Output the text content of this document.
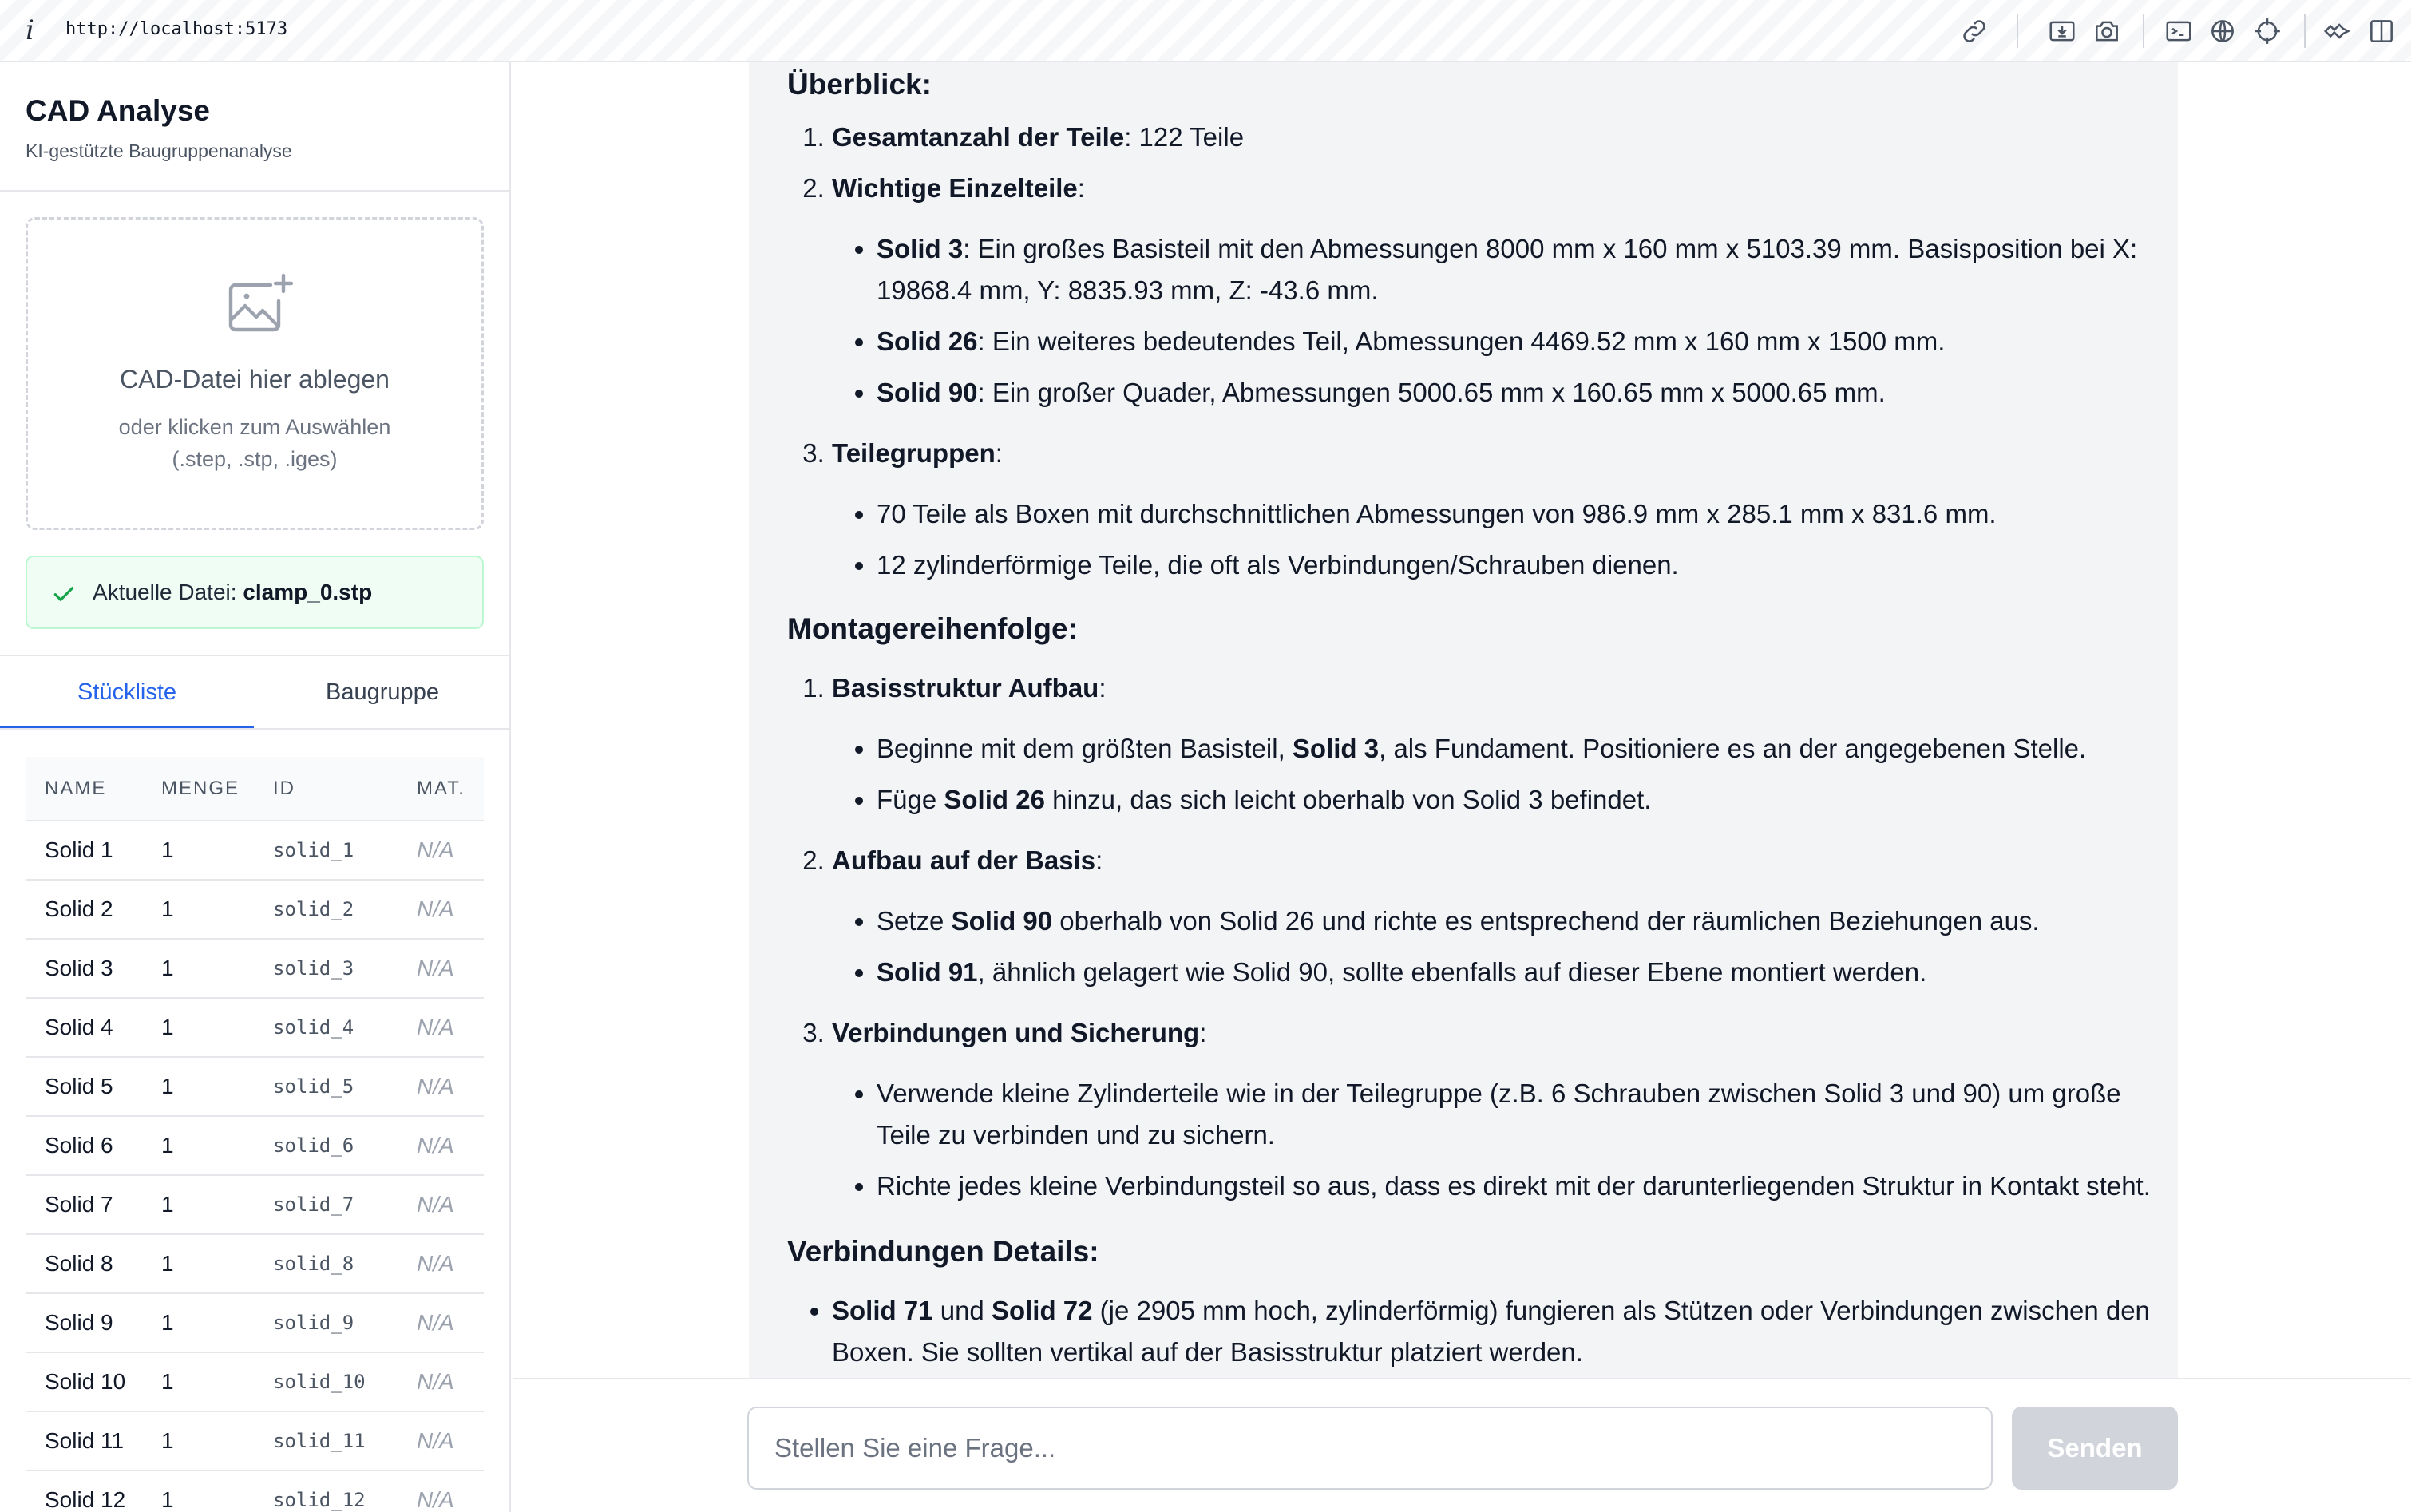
i http://localhost:5173
CAD Analyse

KI-gestützte Baugruppenanalyse

CAD-Datei hier ablegen
oder klicken zum Auswählen
(.step, .stp, .iges)
Aktuelle Datei: clamp_0.stp
Stückliste	Baugruppe
NAME	MENGE	ID	MAT.
Solid 1	1	solid_1	N/A
Solid 2	1	solid_2	N/A
Solid 3	1	solid_3	N/A
Solid 4	1	solid_4	N/A
Solid 5	1	solid_5	N/A
Solid 6	1	solid_6	N/A
Solid 7	1	solid_7	N/A
Solid 8	1	solid_8	N/A
Solid 9	1	solid_9	N/A
Solid 10	1	solid_10	N/A
Solid 11	1	solid_11	N/A
Solid 12	1	solid_12	N/A
Überblick:
1. Gesamtanzahl der Teile: 122 Teile
2. Wichtige Einzelteile:
• Solid 3: Ein großes Basisteil mit den Abmessungen 8000 mm x 160 mm x 5103.39 mm. Basisposition bei X: 19868.4 mm, Y: 8835.93 mm, Z: -43.6 mm.
• Solid 26: Ein weiteres bedeutendes Teil, Abmessungen 4469.52 mm x 160 mm x 1500 mm.
• Solid 90: Ein großer Quader, Abmessungen 5000.65 mm x 160.65 mm x 5000.65 mm.
3. Teilegruppen:
• 70 Teile als Boxen mit durchschnittlichen Abmessungen von 986.9 mm x 285.1 mm x 831.6 mm.
• 12 zylinderförmige Teile, die oft als Verbindungen/Schrauben dienen.
Montagereihenfolge:
1. Basisstruktur Aufbau:
• Beginne mit dem größten Basisteil, Solid 3, als Fundament. Positioniere es an der angegebenen Stelle.
• Füge Solid 26 hinzu, das sich leicht oberhalb von Solid 3 befindet.
2. Aufbau auf der Basis:
• Setze Solid 90 oberhalb von Solid 26 und richte es entsprechend der räumlichen Beziehungen aus.
• Solid 91, ähnlich gelagert wie Solid 90, sollte ebenfalls auf dieser Ebene montiert werden.
3. Verbindungen und Sicherung:
• Verwende kleine Zylinderteile wie in der Teilegruppe (z.B. 6 Schrauben zwischen Solid 3 und 90) um große Teile zu verbinden und zu sichern.
• Richte jedes kleine Verbindungsteil so aus, dass es direkt mit der darunterliegenden Struktur in Kontakt steht.
Verbindungen Details:
• Solid 71 und Solid 72 (je 2905 mm hoch, zylinderförmig) fungieren als Stützen oder Verbindungen zwischen den Boxen. Sie sollten vertikal auf der Basisstruktur platziert werden.
Stellen Sie eine Frage...
Senden
